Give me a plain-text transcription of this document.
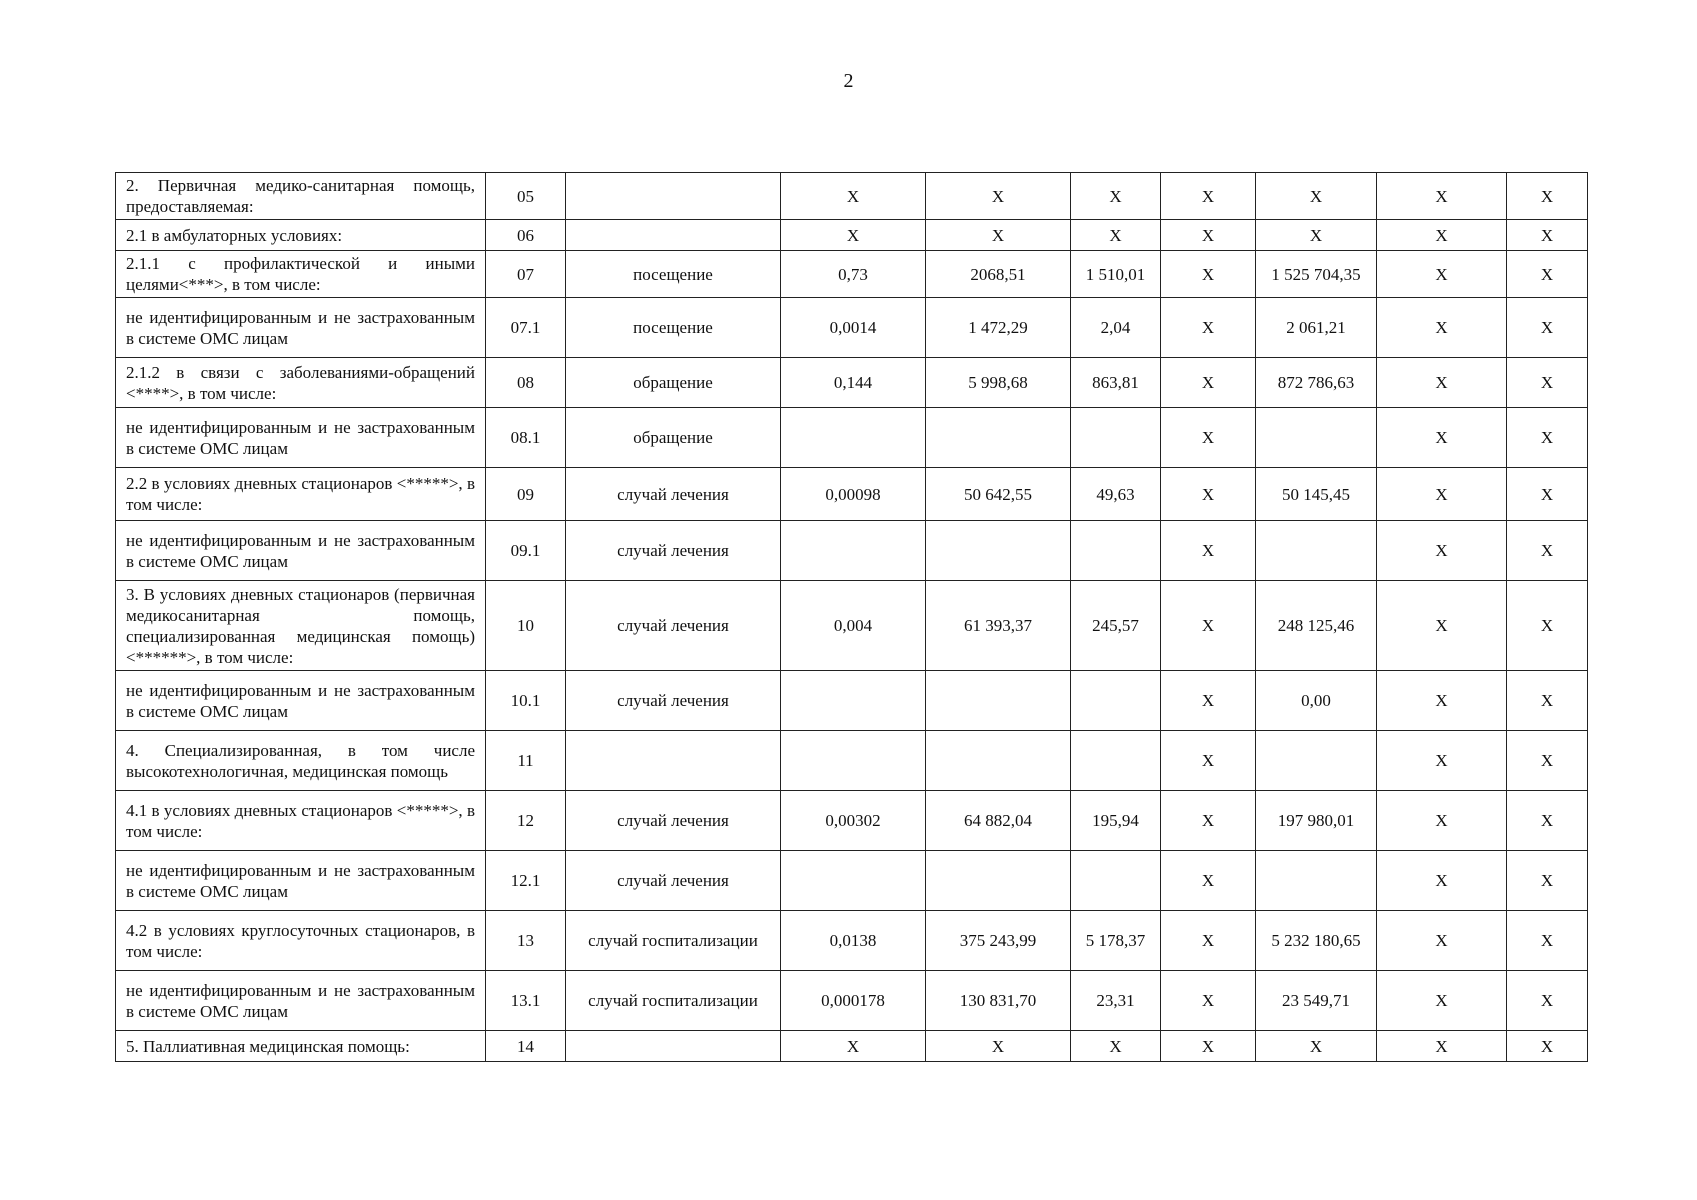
2
2. Первичная медико-санитарная помощь, предоставляемая:	05		Х	Х	Х	Х	Х	Х	Х
2.1 в амбулаторных условиях:	06		Х	Х	Х	Х	Х	Х	Х
2.1.1 с профилактической и иными целями<***>, в том числе:	07	посещение	0,73	2068,51	1 510,01	Х	1 525 704,35	Х	Х
не идентифицированным и не застрахованным в системе ОМС лицам	07.1	посещение	0,0014	1 472,29	2,04	Х	2 061,21	Х	Х
2.1.2 в связи с заболеваниями-обращений <****>, в том числе:	08	обращение	0,144	5 998,68	863,81	Х	872 786,63	Х	Х
не идентифицированным и не застрахованным в системе ОМС лицам	08.1	обращение				Х		Х	Х
2.2 в условиях дневных стационаров <*****>, в том числе:	09	случай лечения	0,00098	50 642,55	49,63	Х	50 145,45	Х	Х
не идентифицированным и не застрахованным в системе ОМС лицам	09.1	случай лечения				Х		Х	Х
3. В условиях дневных стационаров (первичная медикосанитарная помощь, специализированная медицинская помощь)<******>, в том числе:	10	случай лечения	0,004	61 393,37	245,57	Х	248 125,46	Х	Х
не идентифицированным и не застрахованным в системе ОМС лицам	10.1	случай лечения				Х	0,00	Х	Х
4. Специализированная, в том числе высокотехнологичная, медицинская помощь	11					Х		Х	Х
4.1 в условиях дневных стационаров <*****>, в том числе:	12	случай лечения	0,00302	64 882,04	195,94	Х	197 980,01	Х	Х
не идентифицированным и не застрахованным в системе ОМС лицам	12.1	случай лечения				Х		Х	Х
4.2 в условиях круглосуточных стационаров, в том числе:	13	случай госпитализации	0,0138	375 243,99	5 178,37	Х	5 232 180,65	Х	Х
не идентифицированным и не застрахованным в системе ОМС лицам	13.1	случай госпитализации	0,000178	130 831,70	23,31	Х	23 549,71	Х	Х
5. Паллиативная медицинская помощь:	14		Х	Х	Х	Х	Х	Х	Х
